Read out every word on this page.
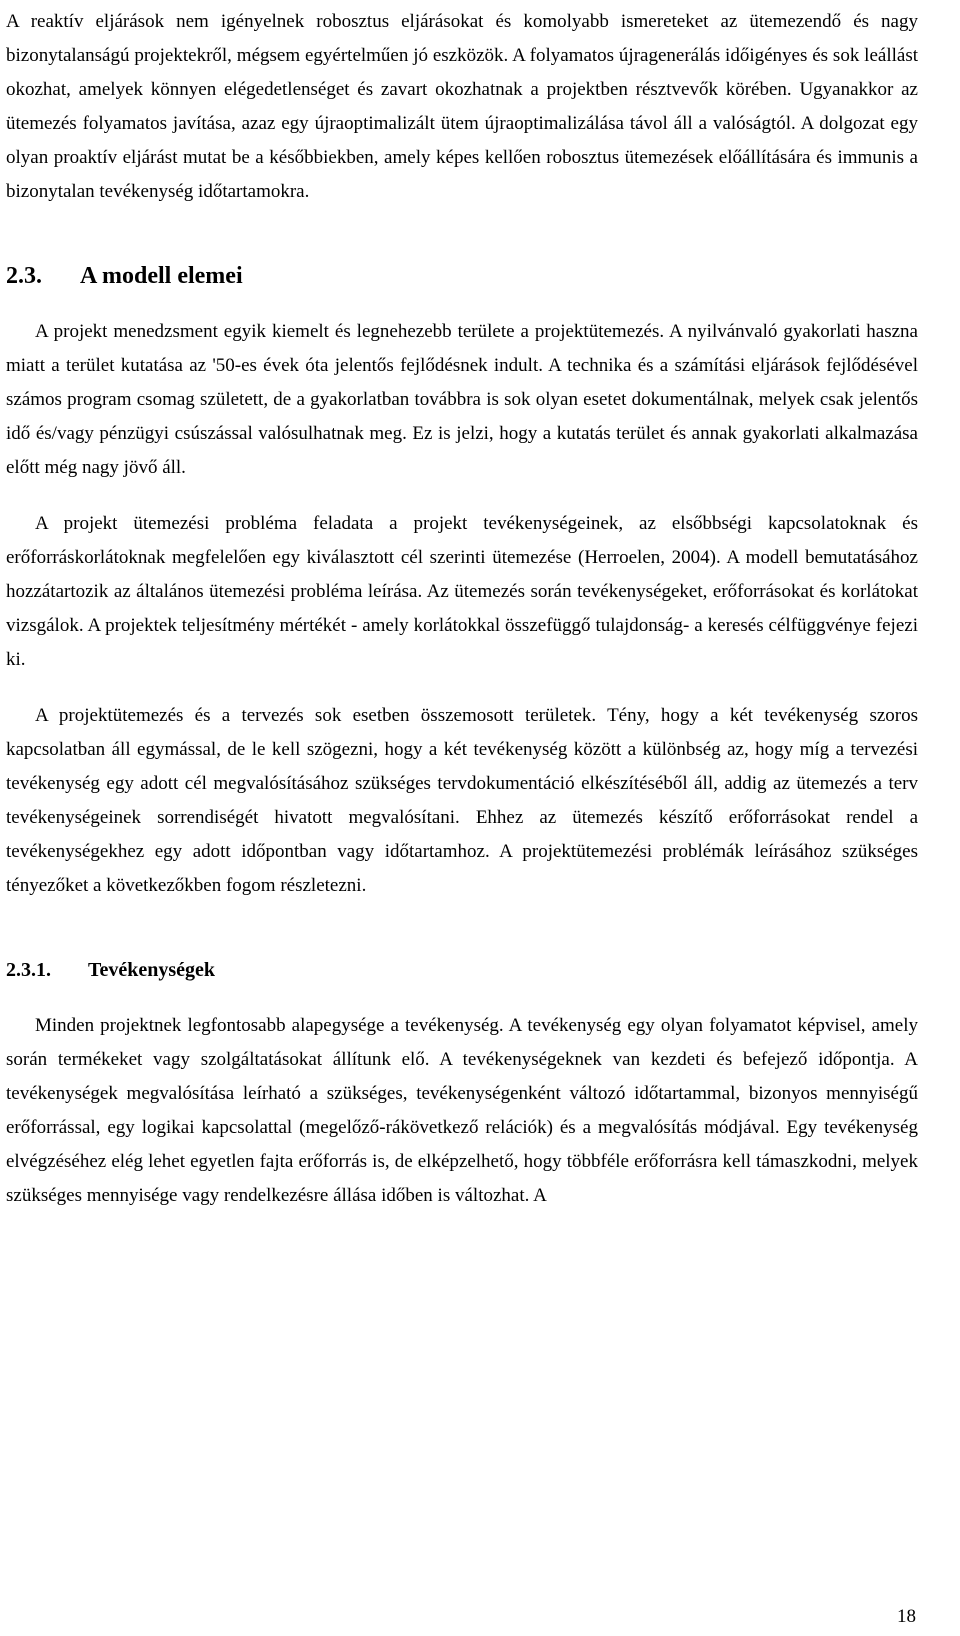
A reaktív eljárások nem igényelnek robosztus eljárásokat és komolyabb ismereteket az ütemezendő és nagy bizonytalanságú projektekről, mégsem egyértelműen jó eszközök. A folyamatos újragenerálás időigényes és sok leállást okozhat, amelyek könnyen elégedetlenséget és zavart okozhatnak a projektben résztvevők körében. Ugyanakkor az ütemezés folyamatos javítása, azaz egy újraoptimalizált ütem újraoptimalizálása távol áll a valóságtól. A dolgozat egy olyan proaktív eljárást mutat be a későbbiekben, amely képes kellően robosztus ütemezések előállítására és immunis a bizonytalan tevékenység időtartamokra.

2.3.	A modell elemei

A projekt menedzsment egyik kiemelt és legnehezebb területe a projektütemezés. A nyilvánvaló gyakorlati haszna miatt a terület kutatása az '50-es évek óta jelentős fejlődésnek indult. A technika és a számítási eljárások fejlődésével számos program csomag született, de a gyakorlatban továbbra is sok olyan esetet dokumentálnak, melyek csak jelentős idő és/vagy pénzügyi csúszással valósulhatnak meg. Ez is jelzi, hogy a kutatás terület és annak gyakorlati alkalmazása előtt még nagy jövő áll.

A projekt ütemezési probléma feladata a projekt tevékenységeinek, az elsőbbségi kapcsolatoknak és erőforráskorlátoknak megfelelően egy kiválasztott cél szerinti ütemezése (Herroelen, 2004). A modell bemutatásához hozzátartozik az általános ütemezési probléma leírása. Az ütemezés során tevékenységeket, erőforrásokat és korlátokat vizsgálok. A projektek teljesítmény mértékét - amely korlátokkal összefüggő tulajdonság- a keresés célfüggvénye fejezi ki.

A projektütemezés és a tervezés sok esetben összemosott területek. Tény, hogy a két tevékenység szoros kapcsolatban áll egymással, de le kell szögezni, hogy a két tevékenység között a különbség az, hogy míg a tervezési tevékenység egy adott cél megvalósításához szükséges tervdokumentáció elkészítéséből áll, addig az ütemezés a terv tevékenységeinek sorrendiségét hivatott megvalósítani. Ehhez az ütemezés készítő erőforrásokat rendel a tevékenységekhez egy adott időpontban vagy időtartamhoz. A projektütemezési problémák leírásához szükséges tényezőket a következőkben fogom részletezni.

2.3.1.	Tevékenységek

Minden projektnek legfontosabb alapegysége a tevékenység. A tevékenység egy olyan folyamatot képvisel, amely során termékeket vagy szolgáltatásokat állítunk elő. A tevékenységeknek van kezdeti és befejező időpontja. A tevékenységek megvalósítása leírható a szükséges, tevékenységenként változó időtartammal, bizonyos mennyiségű erőforrással, egy logikai kapcsolattal (megelőző-rákövetkező relációk) és a megvalósítás módjával. Egy tevékenység elvégzéséhez elég lehet egyetlen fajta erőforrás is, de elképzelhető, hogy többféle erőforrásra kell támaszkodni, melyek szükséges mennyisége vagy rendelkezésre állása időben is változhat. A

18
